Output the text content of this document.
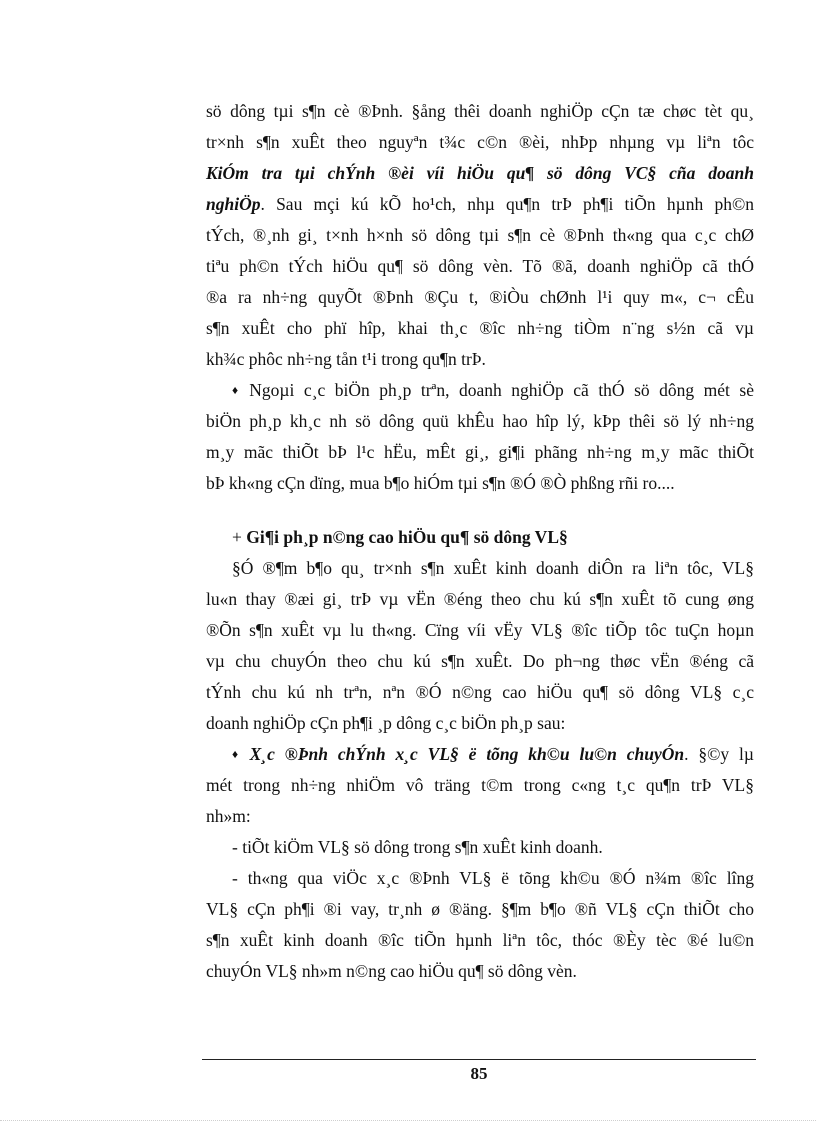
sö dông tµi s¶n cè ®Þnh. §ång thêi doanh nghiÖp cÇn tæ chøc tèt qu¸
tr×nh s¶n xuÊt theo nguyªn t¾c c©n ®èi, nhÞp nhµng vµ liªn tôc
KiÓm tra tµi chÝnh ®èi víi hiÖu qu¶ sö dông VC§ cña doanh
nghiÖp. Sau mçi kú kÕ ho¹ch, nhµ qu¶n trÞ ph¶i tiÕn hµnh ph©n
tÝch, ®¸nh gi¸ t×nh h×nh sö dông tµi s¶n cè ®Þnh th«ng qua c¸c chØ
tiªu ph©n tÝch hiÖu qu¶ sö dông vèn. Tõ ®ã, doanh nghiÖp cã thÓ
®a ra nh÷ng quyÕt ®Þnh ®Çu t, ®iÒu chØnh l¹i quy m«, c¬ cÊu
s¶n xuÊt cho phï hîp, khai th¸c ®îc nh÷ng tiÒm n¨ng s½n cã vµ
kh¾c phôc nh÷ng tån t¹i trong qu¶n trÞ.
♦ Ngoµi c¸c biÖn ph¸p trªn, doanh nghiÖp cã thÓ sö dông mét sè
biÖn ph¸p kh¸c nh sö dông quü khÊu hao hîp lý, kÞp thêi sö lý nh÷ng
m¸y mãc thiÕt bÞ l¹c hËu, mÊt gi¸, gi¶i phãng nh÷ng m¸y mãc thiÕt
bÞ kh«ng cÇn dïng, mua b¶o hiÓm tµi s¶n ®Ó ®Ò phßng rñi ro....
+ Gi¶i ph¸p n©ng cao hiÖu qu¶ sö dông VL§
§Ó ®¶m b¶o qu¸ tr×nh s¶n xuÊt kinh doanh diÔn ra liªn tôc, VL§
lu«n thay ®æi gi¸ trÞ vµ vËn ®éng theo chu kú s¶n xuÊt tõ cung øng
®Õn s¶n xuÊt vµ lu th«ng. Cïng víi vËy VL§ ®îc tiÕp tôc tuÇn hoµn
vµ chu chuyÓn theo chu kú s¶n xuÊt. Do ph¬ng thøc vËn ®éng cã
tÝnh chu kú nh trªn, nªn ®Ó n©ng cao hiÖu qu¶ sö dông VL§ c¸c
doanh nghiÖp cÇn ph¶i ¸p dông c¸c biÖn ph¸p sau:
♦ X¸c ®Þnh chÝnh x¸c VL§ ë tõng kh©u lu©n chuyÓn. §©y lµ
mét trong nh÷ng nhiÖm vô träng t©m trong c«ng t¸c qu¶n trÞ VL§
nh»m:
- tiÕt kiÖm VL§ sö dông trong s¶n xuÊt kinh doanh.
- th«ng qua viÖc x¸c ®Þnh VL§ ë tõng kh©u ®Ó n¾m ®îc lîng
VL§ cÇn ph¶i ®i vay, tr¸nh ø ®äng. §¶m b¶o ®ñ VL§ cÇn thiÕt cho
s¶n xuÊt kinh doanh ®îc tiÕn hµnh liªn tôc, thóc ®Èy tèc ®é lu©n
chuyÓn VL§ nh»m n©ng cao hiÖu qu¶ sö dông vèn.
85
